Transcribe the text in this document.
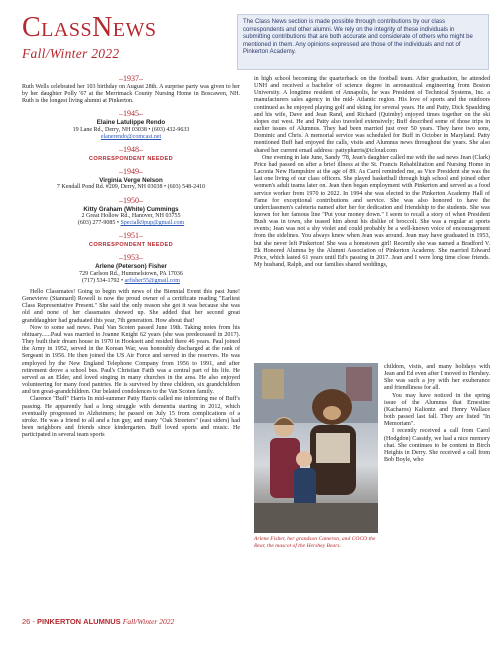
ClassNews
Fall/Winter 2022
The Class News section is made possible through contributions by our class correspondents and other alumni. We rely on the integrity of these individuals in submitting contributions that are both accurate and considerate of others who might be mentioned in them. Any opinions expressed are those of the individuals and not of Pinkerton Academy.
–1937–

Ruth Wells celebrated her 103 birthday on August 28th. A surprise party was given to her by her daughter Polly '67 at the Merrimack County Nursing Home in Boscawen, NH. Ruth is the longest living alumni at Pinkerton.

–1945–
Elaine Latulippe Rendo
19 Lane Rd., Derry, NH 03038 • (603) 432-9633
elanerendo@comcast.net
–1948–
CORRESPONDENT NEEDED
–1949–
Virginia Verge Nelson
7 Kendall Pond Rd. #209, Derry, NH 03038 • (603) 548-2410
–1950–
Kitty Graham (White) Cummings
2 Great Hollow Rd., Hanover, NH 03755
(603) 277-9085 • Specialk9pup@gmail.com
–1951–
CORRESPONDENT NEEDED
–1953–
Arlene (Peterson) Fisher
729 Carlson Rd., Hummelstown, PA 17036
(717) 534-1792 • arfisher55@gmail.com

Hello Classmates! Going to begin with news of the Biennial Event this past June! Genevieve (Stannard) Rowell is now the proud owner of a certificate reading "Earliest Class Representative Present." She said the only reason she got it was because she was old and none of her classmates showed up. She added that her second great granddaughter had graduated this year, 7th generation. How about that!

Now to some sad news. Paul Van Scoten passed June 19th. Taking notes from his obituary......Paul was married to Joanne Knight 62 years (she was predeceased in 2017). They built their dream house in 1970 in Hooksett and resided there 46 years. Paul joined the Army in 1952, served in the Korean War, was honorably discharged at the rank of Sergeant in 1956. He then joined the US Air Force and served in the reserves. He was employed by the New England Telephone Company from 1956 to 1991, and after retirement drove a school bus. Paul's Christian Faith was a central part of his life. He served as an Elder, and loved singing in many churches in the area. He also enjoyed volunteering for many food pantries. He is survived by three children, six grandchildren and ten great-grandchildren. Our belated condolences to the Van Scoten family.

Clarence "Buff" Harris In mid-summer Patty Harris called me informing me of Buff's passing. He apparently had a long struggle with dementia starting in 2012, which eventually progressed to Alzheimers; he passed on July 15 from complications of a stroke. He was a friend to all and a fun guy, and many "Oak Streeters" (east siders) had been neighbors and friends since kindergarten. Buff loved sports and music. He participated in several team sports

in high school becoming the quarterback on the football team. After graduation, he attended UNH and received a bachelor of science degree in aeronautical engineering from Boston University. A longtime resident of Annapolis, he was President of Technical Systems, Inc. a manufacturers sales agency in the mid- Atlantic region. His love of sports and the outdoors continued as he enjoyed playing golf and skiing for several years. He and Patty, Dick Spaulding and his wife, Dave and Jean Rand, and Richard (Quimby) enjoyed times together on the ski slopes out west. He and Patty also traveled extensively; Buff described some of those trips in earlier issues of Alumnus. They had been married just over 50 years. They have two sons, Dominic and Chris. A memorial service was scheduled for Buff in October in Maryland. Patty mentioned Buff had enjoyed the calls, visits and Alumnus news throughout the years. She also shared her current email address: pattypharris@icloud.com

One evening in late June, Sandy '78, Jean's daughter called me with the sad news Jean (Clark) Price had passed on after a brief illness at the St. Francis Rehabilitation and Nursing Home in Laconia New Hampshire at the age of 89. As Carol reminded me, as Vice President she was the last one living of our class officers. She played basketball through high school and joined other women's adult teams later on. Jean then began employment with Pinkerton and served as a food service worker from 1970 to 2022. In 1994 she was elected to the Pinkerton Academy Hall of Fame for exceptional contributions and service. She was also honored to have the underclassmen's cafeteria named after her for dedication and friendship to the students. She was known for her famous line "Put your money down." I seem to recall a story of when President Bush was in town, she teased him about his dislike of broccoli. She was a regular at sports events; Jean was not a shy violet and could probably be a well-known voice of encouragement from the sidelines. You always knew when Jean was around. Jean may have graduated in 1953, but she never left Pinkerton! She was a hometown girl! Recently she was named a Bradford V. Ek Honored Alumna by the Alumni Association of Pinkerton Academy. She married Edward Price, which lasted 61 years until Ed's passing in 2017. Jean and I were long time close friends. My husband, Ralph, and our families shared weddings,

Arlene Fisher, her grandson Cameron, and COCO the Bear, the mascot of the Hershey Bears.

children, visits, and many holidays with Jean and Ed even after I moved to Hershey. She was such a joy with her exuberance and friendliness for all.

You may have noticed in the spring issue of the Alumnus that Ernestine (Kacharos) Kaliontz and Henry Wallace both passed last fall. They are listed "In Memoriam".

I recently received a call from Carol (Hodgdon) Cassidy, we had a nice memory chat. She continues to be content in Birch Heights in Derry. She received a call from Bob Boyle, who

26 - PINKERTON ALUMNUS Fall/Winter 2022
